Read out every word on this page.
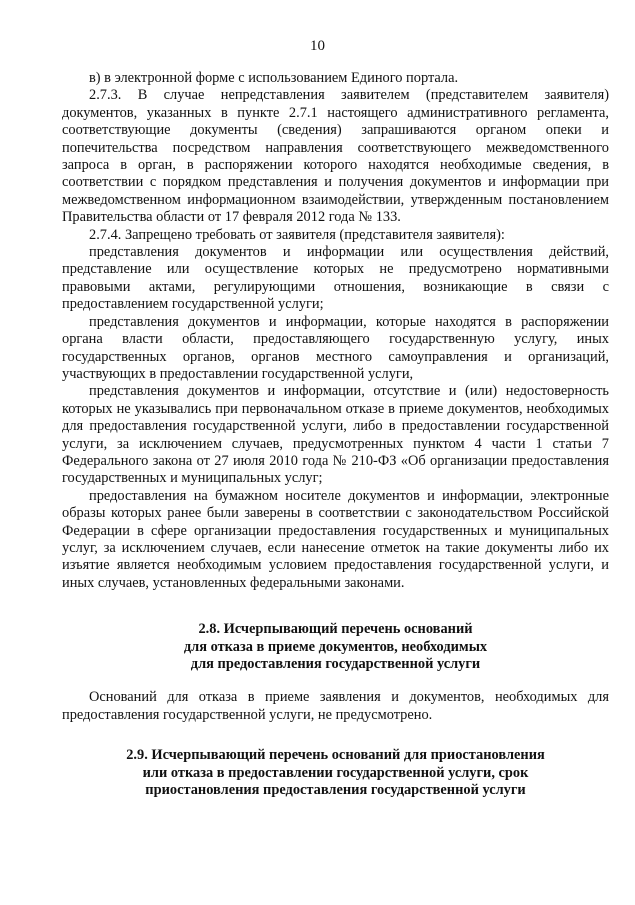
10

в) в электронной форме с использованием Единого портала.

2.7.3. В случае непредставления заявителем (представителем заявителя) документов, указанных в пункте 2.7.1 настоящего административного регламента, соответствующие документы (сведения) запрашиваются органом опеки и попечительства посредством направления соответствующего межведомственного запроса в орган, в распоряжении которого находятся необходимые сведения, в соответствии с порядком представления и получения документов и информации при межведомственном информационном взаимодействии, утвержденным постановлением Правительства области от 17 февраля 2012 года № 133.

2.7.4. Запрещено требовать от заявителя (представителя заявителя):

представления документов и информации или осуществления действий, представление или осуществление которых не предусмотрено нормативными правовыми актами, регулирующими отношения, возникающие в связи с предоставлением государственной услуги;

представления документов и информации, которые находятся в распоряжении органа власти области, предоставляющего государственную услугу, иных государственных органов, органов местного самоуправления и организаций, участвующих в предоставлении государственной услуги,

представления документов и информации, отсутствие и (или) недостоверность которых не указывались при первоначальном отказе в приеме документов, необходимых для предоставления государственной услуги, либо в предоставлении государственной услуги, за исключением случаев, предусмотренных пунктом 4 части 1 статьи 7 Федерального закона от 27 июля 2010 года № 210-ФЗ «Об организации предоставления государственных и муниципальных услуг;

предоставления на бумажном носителе документов и информации, электронные образы которых ранее были заверены в соответствии с законодательством Российской Федерации в сфере организации предоставления государственных и муниципальных услуг, за исключением случаев, если нанесение отметок на такие документы либо их изъятие является необходимым условием предоставления государственной услуги, и иных случаев, установленных федеральными законами.

2.8. Исчерпывающий перечень оснований
для отказа в приеме документов, необходимых
для предоставления государственной услуги

Оснований для отказа в приеме заявления и документов, необходимых для предоставления государственной услуги, не предусмотрено.

2.9. Исчерпывающий перечень оснований для приостановления
или отказа в предоставлении государственной услуги, срок
приостановления предоставления государственной услуги
